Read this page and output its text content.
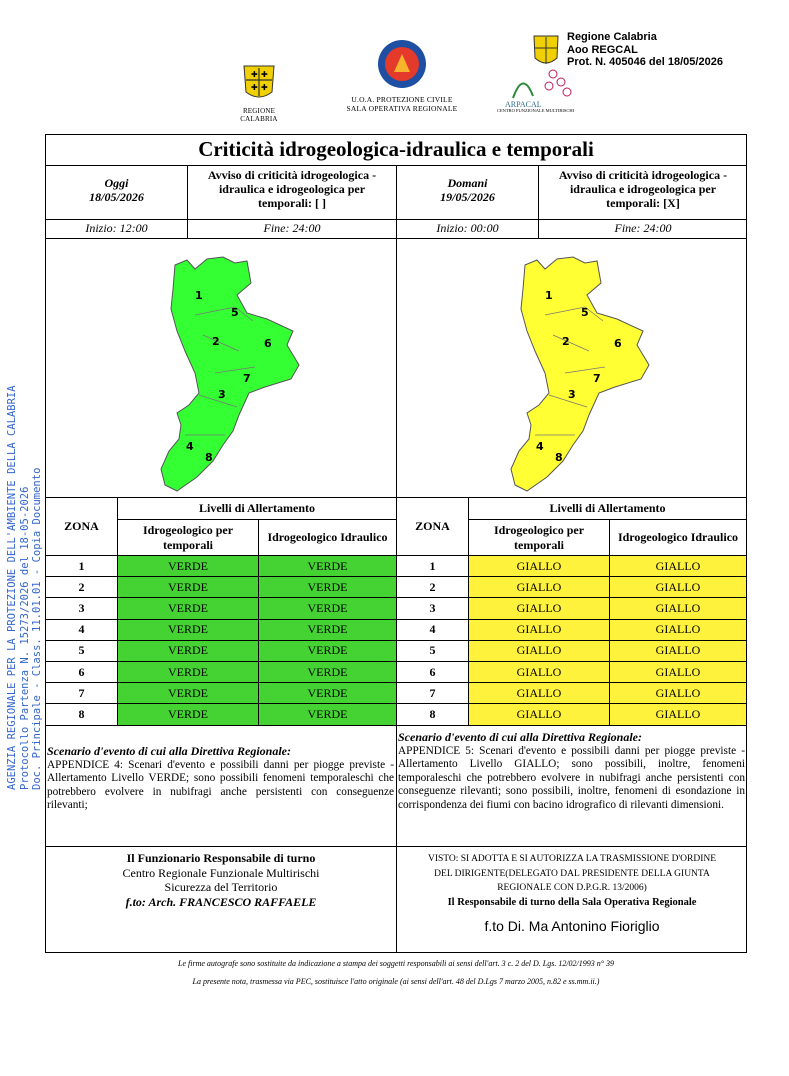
✚ ✚
✚ ✚
REGIONE CALABRIA
U.O.A. PROTEZIONE CIVILE
SALA OPERATIVA REGIONALE
Regione Calabria
Aoo REGCAL
Prot. N. 405046 del 18/05/2026
ARPACAL
CENTRO FUNZIONALE MULTIRISCHI
AGENZIA REGIONALE PER LA PROTEZIONE DELL'AMBIENTE DELLA CALABRIA Protocollo Partenza N. 15273/2026 del 18-05-2026 Doc. Principale - Class. 11.01.01 - Copia Documento
Criticità idrogeologica-idraulica e temporali
Oggi
18/05/2026
Avviso di criticità idrogeologica -
idraulica e idrogeologica per
temporali: [ ]
Domani
19/05/2026
Avviso di criticità idrogeologica -
idraulica e idrogeologica per
temporali: [X]
Inizio: 12:00	Fine: 24:00	Inizio: 00:00	Fine: 24:00
1
2
3
4
5
6
7
8
1
2
3
4
5
6
7
8
ZONA	Livelli di Allertamento	
	Idrogeologico per temporali	Idrogeologico Idraulico
1	VERDE	VERDE
2	VERDE	VERDE
3	VERDE	VERDE
4	VERDE	VERDE
5	VERDE	VERDE
6	VERDE	VERDE
7	VERDE	VERDE
8	VERDE	VERDE
ZONA	Livelli di Allertamento	
	Idrogeologico per temporali	Idrogeologico Idraulico
1	GIALLO	GIALLO
2	GIALLO	GIALLO
3	GIALLO	GIALLO
4	GIALLO	GIALLO
5	GIALLO	GIALLO
6	GIALLO	GIALLO
7	GIALLO	GIALLO
8	GIALLO	GIALLO
Scenario d'evento di cui alla Direttiva Regionale:
APPENDICE 4: Scenari d'evento e possibili danni per piogge previste - Allertamento Livello VERDE; sono possibili fenomeni temporaleschi che potrebbero evolvere in nubifragi anche persistenti con conseguenze rilevanti;
Scenario d'evento di cui alla Direttiva Regionale:
APPENDICE 5: Scenari d'evento e possibili danni per piogge previste - Allertamento Livello GIALLO; sono possibili, inoltre, fenomeni temporaleschi che potrebbero evolvere in nubifragi anche persistenti con conseguenze rilevanti; sono possibili, inoltre, fenomeni di esondazione in corrispondenza dei fiumi con bacino idrografico di rilevanti dimensioni.
Il Funzionario Responsabile di turno
Centro Regionale Funzionale Multirischi
Sicurezza del Territorio
f.to: Arch. FRANCESCO RAFFAELE
VISTO: SI ADOTTA E SI AUTORIZZA LA TRASMISSIONE D'ORDINE
DEL DIRIGENTE(DELEGATO DAL PRESIDENTE DELLA GIUNTA
REGIONALE CON D.P.G.R. 13/2006)
Il Responsabile di turno della Sala Operativa Regionale
f.to Di. Ma Antonino Fioriglio
Le firme autografe sono sostituite da indicazione a stampa dei soggetti responsabili ai sensi dell'art. 3 c. 2 del D. Lgs. 12/02/1993 n° 39
La presente nota, trasmessa via PEC, sostituisce l'atto originale (ai sensi dell'art. 48 del D.Lgs 7 marzo 2005, n.82 e ss.mm.ii.)
